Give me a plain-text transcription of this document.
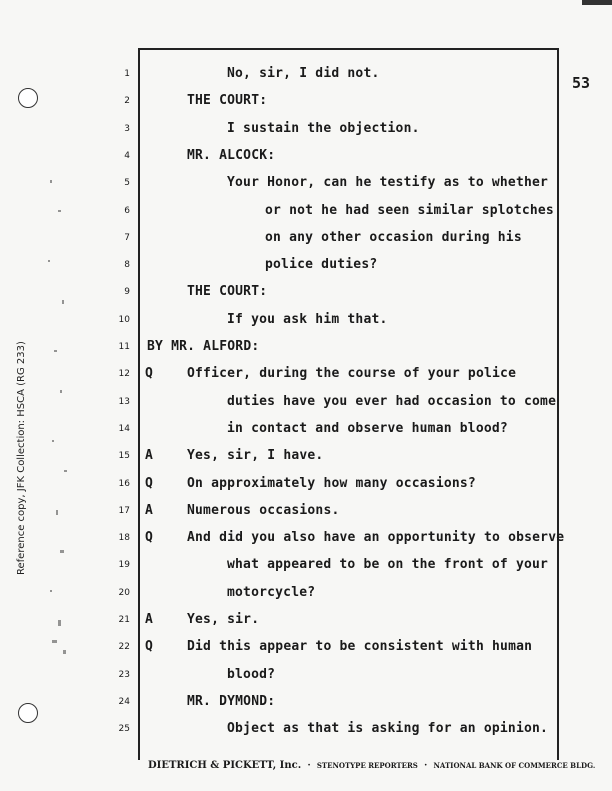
Reference copy, JFK Collection: HSCA (RG 233)
53
1	No, sir, I did not.
2	THE COURT:
3	I sustain the objection.
4	MR. ALCOCK:
5	Your Honor, can he testify as to whether
6	or not he had seen similar splotches
7	on any other occasion during his
8	police duties?
9	THE COURT:
10	If you ask him that.
11 BY MR. ALFORD:
12 Q	Officer, during the course of your police
13	duties have you ever had occasion to come
14	in contact and observe human blood?
15 A	Yes, sir, I have.
16 Q	On approximately how many occasions?
17 A	Numerous occasions.
18 Q	And did you also have an opportunity to observe
19	what appeared to be on the front of your
20	motorcycle?
21 A	Yes, sir.
22 Q	Did this appear to be consistent with human
23	blood?
24	MR. DYMOND:
25	Object as that is asking for an opinion.
DIETRICH & PICKETT, Inc.  ·  STENOTYPE REPORTERS  ·  NATIONAL BANK OF COMMERCE BLDG.
